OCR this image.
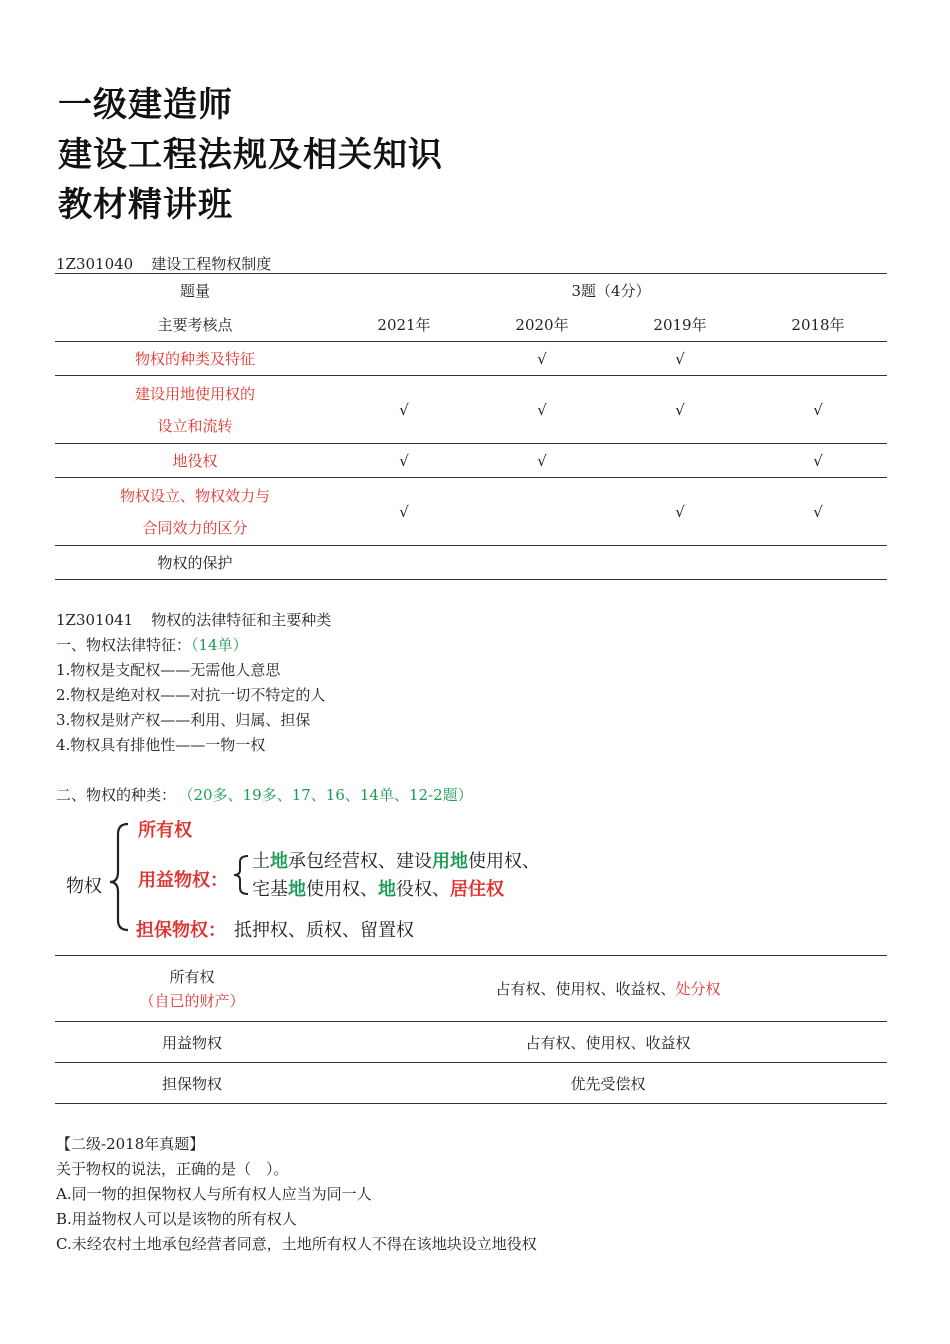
一级建造师
建设工程法规及相关知识
教材精讲班
1Z301040 建设工程物权制度
题量	3题（4分）			
主要考核点	2021年	2020年	2019年	2018年
物权的种类及特征		√	√	

建设用地使用权的
设立和流转	√	√	√	√
地役权	√	√		√

物权设立、物权效力与
合同效力的区分	√		√	√
物权的保护				
1Z301041 物权的法律特征和主要种类
一、物权法律特征：（14单）
1.物权是支配权——无需他人意思
2.物权是绝对权——对抗一切不特定的人
3.物权是财产权——利用、归属、担保
4.物权具有排他性——一物一权
二、物权的种类： （20多、19多、17、16、14单、12-2题）
物权
所有权
用益物权：
担保物权： 抵押权、质权、留置权
土地承包经营权、建设用地使用权、
宅基地使用权、地役权、居住权
所有权
（自已的财产）	占有权、使用权、收益权、处分权
用益物权	占有权、使用权、收益权
担保物权	优先受偿权
【二级-2018年真题】
关于物权的说法，正确的是（　）。
A.同一物的担保物权人与所有权人应当为同一人
B.用益物权人可以是该物的所有权人
C.未经农村土地承包经营者同意，土地所有权人不得在该地块设立地役权
